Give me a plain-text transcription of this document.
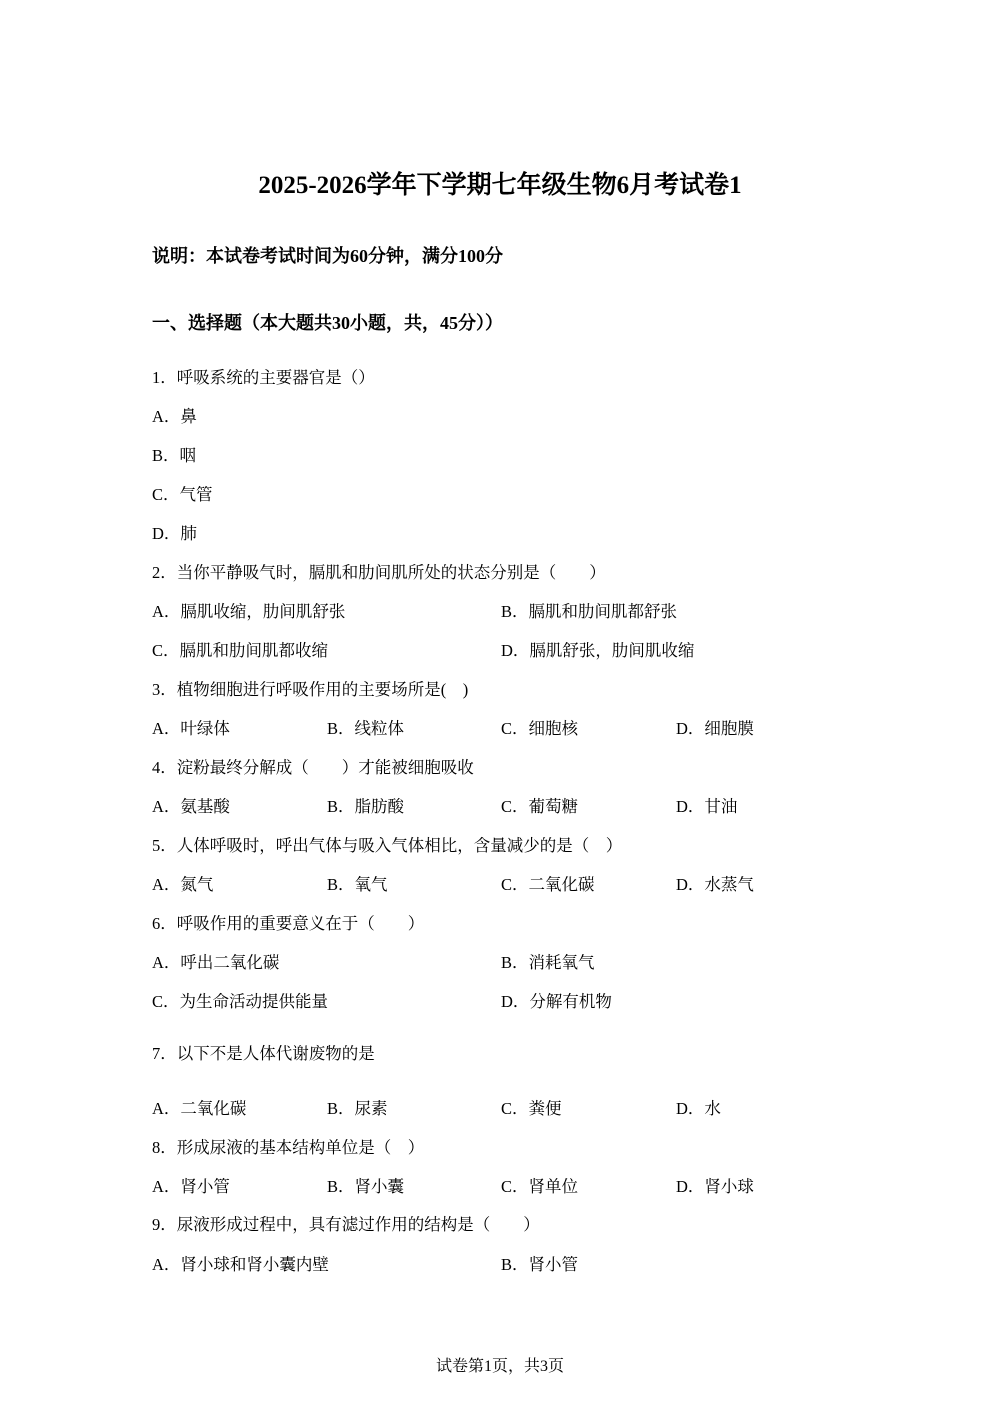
2025-2026学年下学期七年级生物6月考试卷1
说明：本试卷考试时间为60分钟，满分100分
一、选择题（本大题共30小题，共，45分））
1．呼吸系统的主要器官是（）
A．鼻
B．咽
C．气管
D．肺
2．当你平静吸气时，膈肌和肋间肌所处的状态分别是（　　）
A．膈肌收缩，肋间肌舒张	B．膈肌和肋间肌都舒张
C．膈肌和肋间肌都收缩	D．膈肌舒张，肋间肌收缩
3．植物细胞进行呼吸作用的主要场所是(　)
A．叶绿体	B．线粒体	C．细胞核	D．细胞膜
4．淀粉最终分解成（　　）才能被细胞吸收
A．氨基酸	B．脂肪酸	C．葡萄糖	D．甘油
5．人体呼吸时，呼出气体与吸入气体相比，含量减少的是（　）
A．氮气	B．氧气	C．二氧化碳	D．水蒸气
6．呼吸作用的重要意义在于（　　）
A．呼出二氧化碳	B．消耗氧气
C．为生命活动提供能量	D．分解有机物
7．以下不是人体代谢废物的是
A．二氧化碳	B．尿素	C．粪便	D．水
8．形成尿液的基本结构单位是（　）
A．肾小管	B．肾小囊	C．肾单位	D．肾小球
9．尿液形成过程中，具有滤过作用的结构是（　　）
A．肾小球和肾小囊内壁	B．肾小管
试卷第1页，共3页
